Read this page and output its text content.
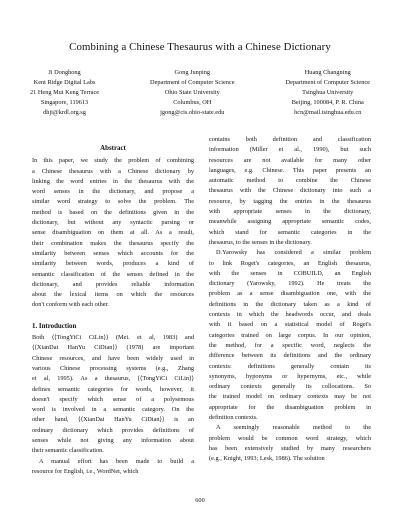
Combining a Chinese Thesaurus with a Chinese Dictionary
Ji Donghong
Kent Ridge Digital Labs
21 Heng Mui Keng Terrace
Singapore, 119613
dhji@krdl.org.sg
Gong Junping
Department of Computer Science
Ohio State University
Columbus, OH
jgong@cis.ohio-state.edu
Huang Changning
Department of Computer Science
Tsinghua University
Beijing, 100084, P. R. China
hcn@mail.tsinghua.edu.cn
Abstract

In this paper, we study the problem of combining
a Chinese thesaurus with a Chinese dictionary by
linking the word entries in the thesaurus with the
word senses in the dictionary, and propose a
similar word strategy to solve the problem. The
method is based on the definitions given in the
dictionary, but without any syntactic parsing or
sense disambiguation on them at all. As a result,
their combination makes the thesaurus specify the
similarity between senses which accounts for the
similarity between words, produces a kind of
semantic classification of the senses defined in the
dictionary, and provides reliable information
about the lexical items on which the resources
don't conform with each other.

1. Introduction

Both ⟨⟨TongYiCi CiLin⟩⟩ (Mei. et al, 1983) and
⟨⟨XianDai HanYu CiDian⟩⟩ (1978) are important
Chinese resources, and have been widely used in
various Chinese processing systems (e.g., Zhang
et al, 1995). As a thesaurus, ⟨⟨TongYiCi CiLin⟩⟩
defines semantic categories for words, however, it
doesn't specify which sense of a polysemous
word is involved in a semantic category. On the
other hand, ⟨⟨XianDai HanYu CiDian⟩⟩ is an
ordinary dictionary which provides definitions of
senses while not giving any information about
their semantic classification.

A manual effort has been made to build a
resource for English, i.e., WordNet, which

contains both definition and classification
information (Miller et al., 1990), but such
resources are not available for many other
languages, e.g. Chinese. This paper presents an
automatic method to combine the Chinese
thesaurus with the Chinese dictionary into such a
resource, by tagging the entries in the thesaurus
with appropriate senses in the dictionary,
meanwhile assigning appropriate semantic codes,
which stand for semantic categories in the
thesaurus, to the senses in the dictionary.

D.Yarowsky has considered a similar problem
to link Roget's categories, an English thesaurus,
with the senses in COBUILD, an English
dictionary (Yarowsky, 1992). He treats the
problem as a sense disambiguation one, with the
definitions in the dictionary taken as a kind of
contexts in which the headwords occur, and deals
with it based on a statistical model of Roget's
categories trained on large corpus. In our opinion,
the method, for a specific word, neglects the
difference between its definitions and the ordinary
contexts: definitions generally contain its
synonyms, hyponyms or hypernyms, etc., while
ordinary contexts generally its collocations. So
the trained model on ordinary contexts may be not
appropriate for the disambiguation problem in
definition contexts.

A seemingly reasonable method to the
problem would be common word strategy, which
has been extensively studied by many researchers
(e.g., Knight, 1993; Lesk, 1986). The solution

600
